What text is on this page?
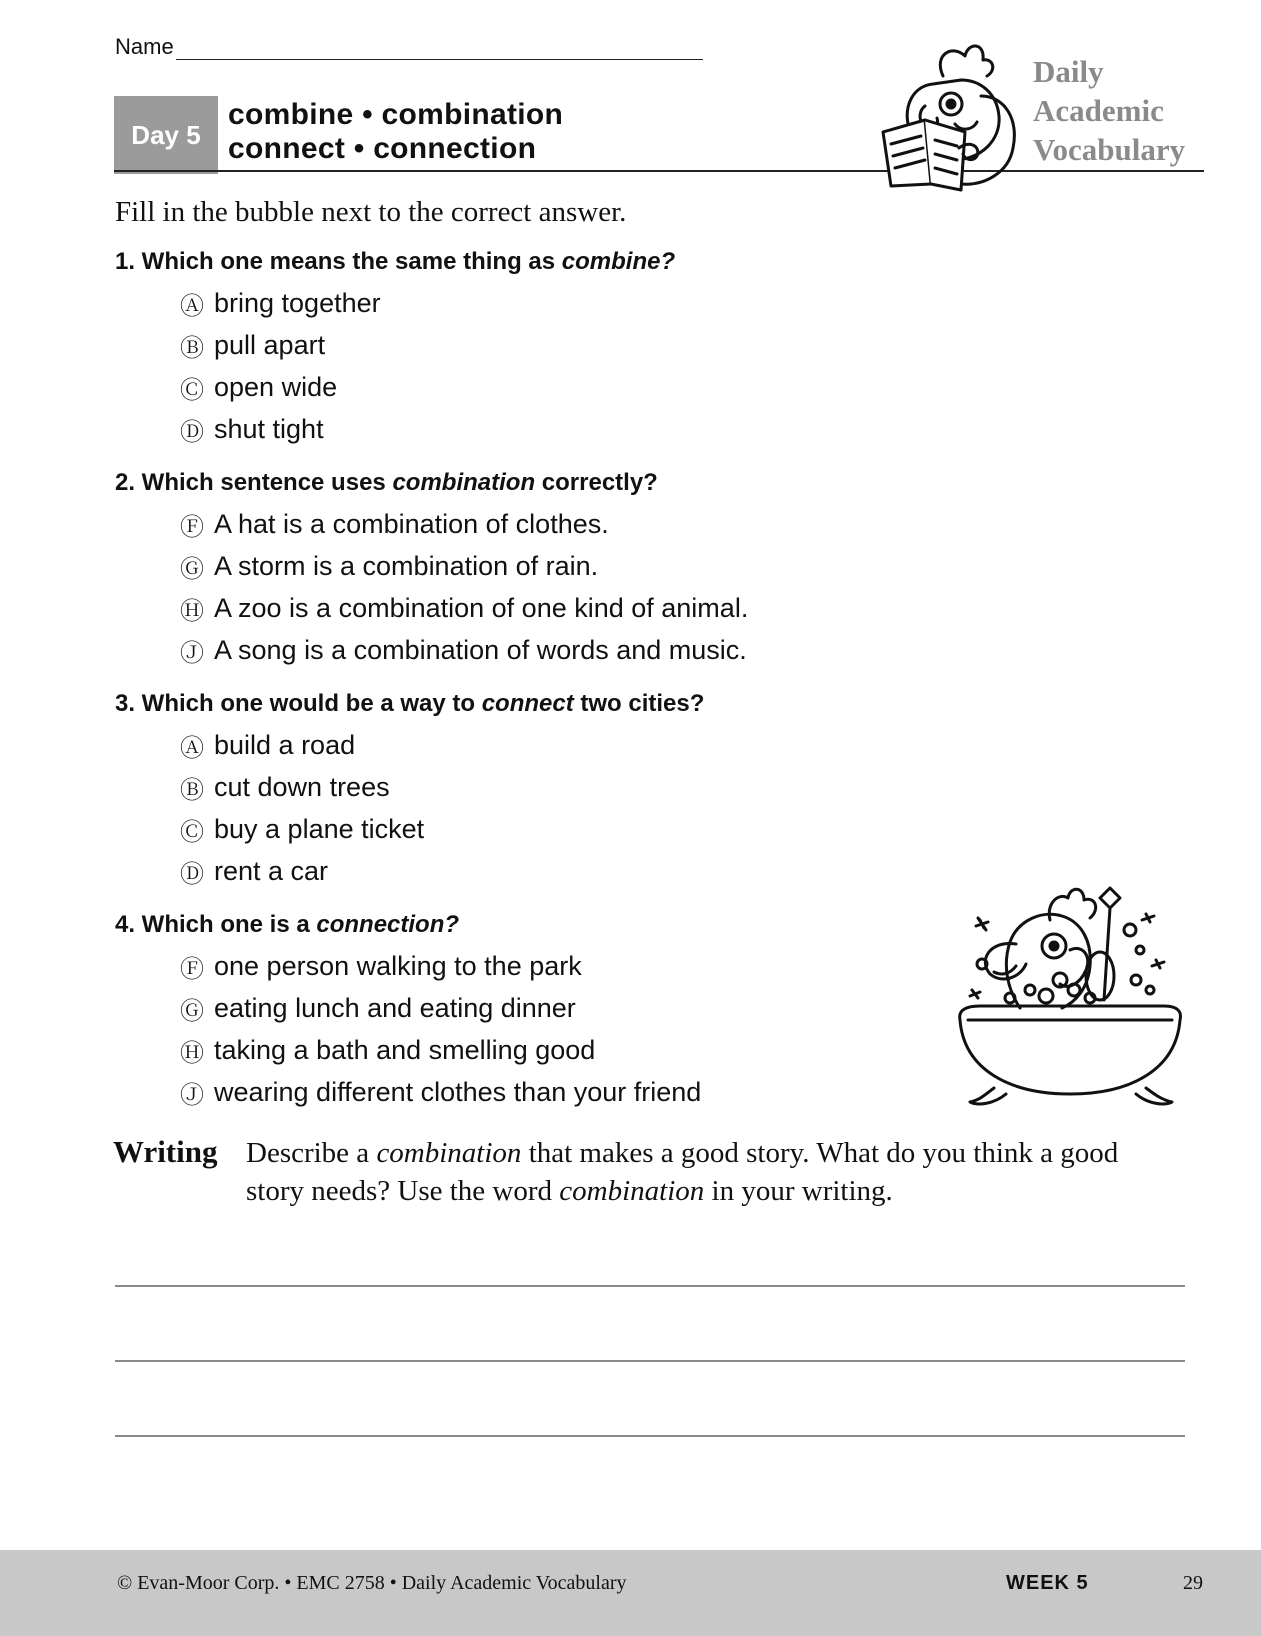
Name
Day 5
combine • combination
connect • connection
Daily
Academic
Vocabulary
Fill in the bubble next to the correct answer.
1. Which one means the same thing as combine?
Ⓐ bring together
Ⓑ pull apart
Ⓒ open wide
Ⓓ shut tight
2. Which sentence uses combination correctly?
Ⓕ A hat is a combination of clothes.
Ⓖ A storm is a combination of rain.
Ⓗ A zoo is a combination of one kind of animal.
Ⓙ A song is a combination of words and music.
3. Which one would be a way to connect two cities?
Ⓐ build a road
Ⓑ cut down trees
Ⓒ buy a plane ticket
Ⓓ rent a car
4. Which one is a connection?
Ⓕ one person walking to the park
Ⓖ eating lunch and eating dinner
Ⓗ taking a bath and smelling good
Ⓙ wearing different clothes than your friend
Writing Describe a combination that makes a good story. What do you think a good story needs? Use the word combination in your writing.
© Evan-Moor Corp. • EMC 2758 • Daily Academic Vocabulary	WEEK 5	29
